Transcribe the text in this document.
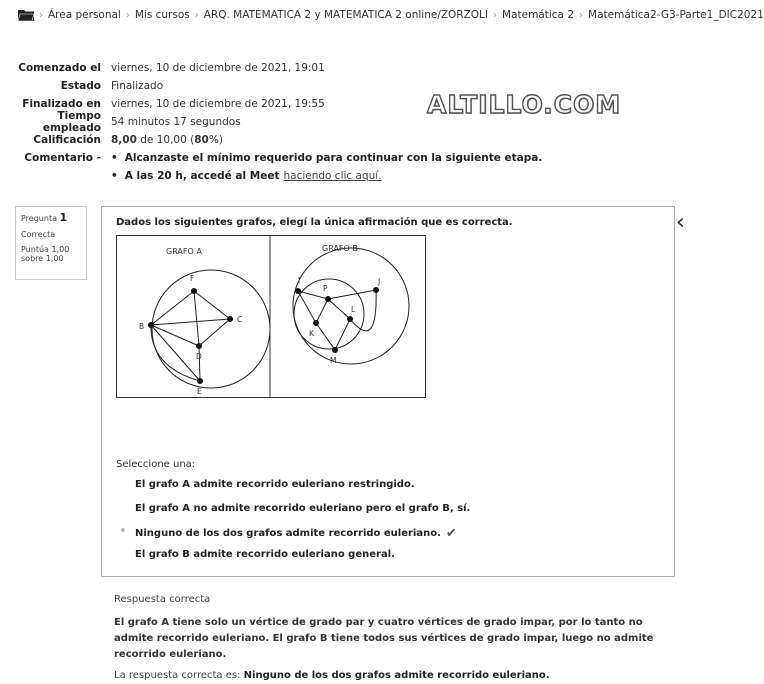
› Área personal › Mis cursos › ARQ. MATEMATICA 2 y MATEMATICA 2 online/ZORZOLI › Matemática 2 › Matemática2-G3-Parte1_DIC2021
Comenzado el viernes, 10 de diciembre de 2021, 19:01
Estado Finalizado
Finalizado en viernes, 10 de diciembre de 2021, 19:55
Tiempo empleado 54 minutos 17 segundos
Calificación 8,00 de 10,00 (80%)
Comentario -
•	Alcanzaste el mínimo requerido para continuar con la siguiente etapa.
• A las 20 h, accedé al Meet haciendo clic aquí.
ALTILLO.COM
Pregunta 1
Correcta
Puntúa 1,00
sobre 1,00
Dados los siguientes grafos, elegí la única afirmación que es correcta.
GRAFO A
F
B
C
D
E
GRAFO B
I
P
J
L
K
M
Seleccione una:
El grafo A admite recorrido euleriano restringido.
El grafo A no admite recorrido euleriano pero el grafo B, sí.
Ninguno de los dos grafos admite recorrido euleriano. ✔
El grafo B admite recorrido euleriano general.
‹
Respuesta correcta
El grafo A tiene solo un vértice de grado par y cuatro vértices de grado impar, por lo tanto no admite recorrido euleriano. El grafo B tiene todos sus vértices de grado impar, luego no admite recorrido euleriano.
La respuesta correcta es: Ninguno de los dos grafos admite recorrido euleriano.
